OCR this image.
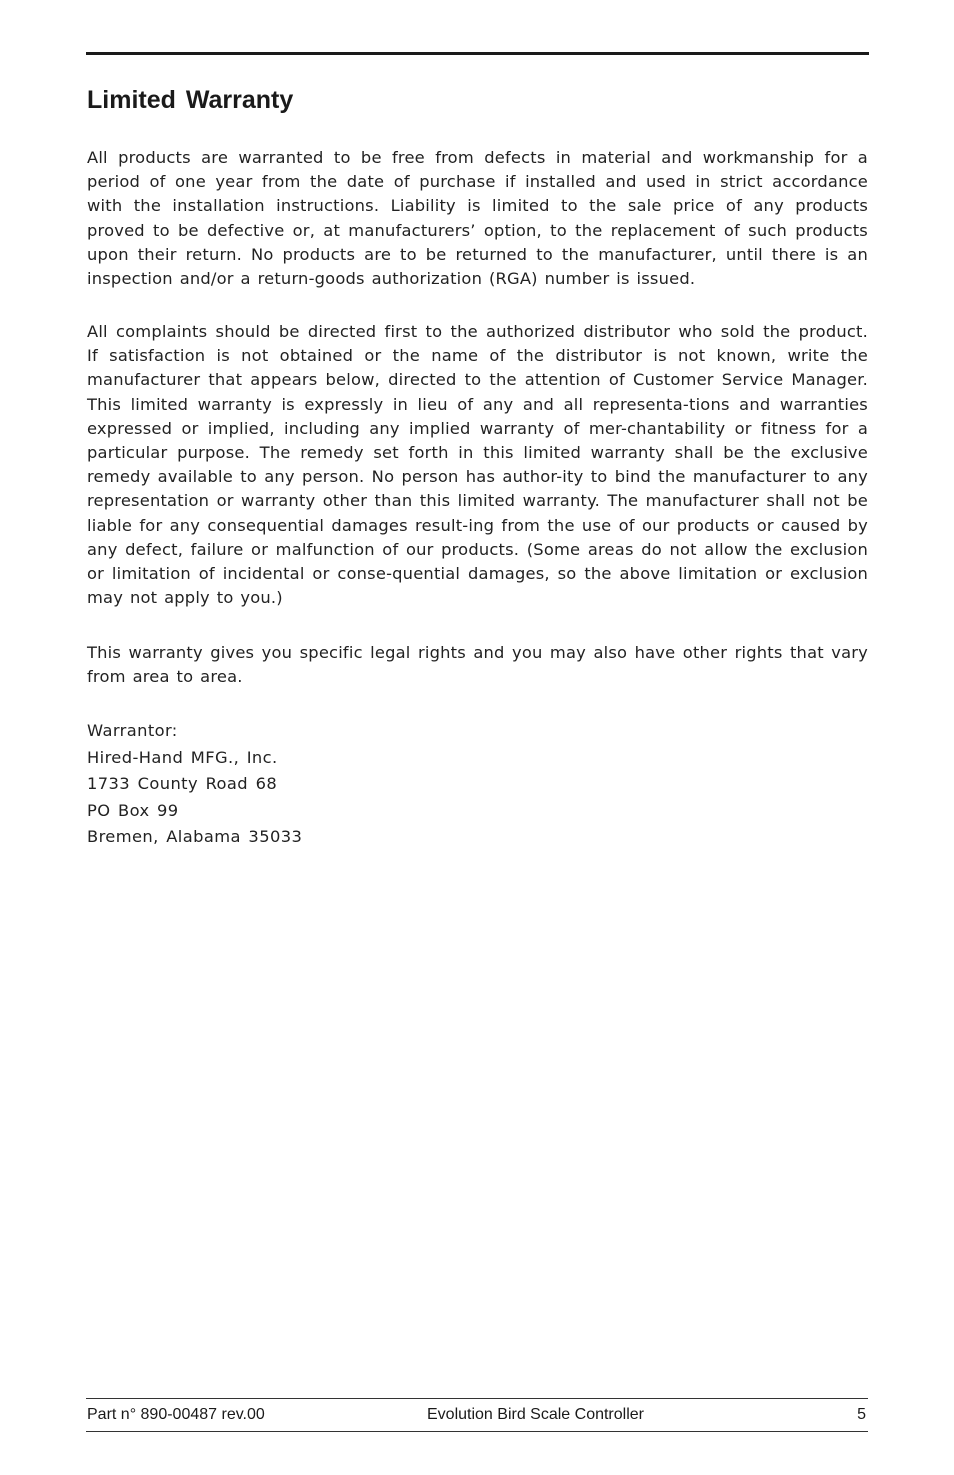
Limited Warranty

All products are warranted to be free from defects in material and workmanship for a period of one year from the date of purchase if installed and used in strict accordance with the installation instructions. Liability is limited to the sale price of any products proved to be defective or, at manufacturers’ option, to the replacement of such products upon their return. No products are to be returned to the manufacturer, until there is an inspection and/or a return-goods authorization (RGA) number is issued.

All complaints should be directed first to the authorized distributor who sold the product. If satisfaction is not obtained or the name of the distributor is not known, write the manufacturer that appears below, directed to the attention of Customer Service Manager. This limited warranty is expressly in lieu of any and all representa-tions and warranties expressed or implied, including any implied warranty of mer-chantability or fitness for a particular purpose. The remedy set forth in this limited warranty shall be the exclusive remedy available to any person. No person has author-ity to bind the manufacturer to any representation or warranty other than this limited warranty. The manufacturer shall not be liable for any consequential damages result-ing from the use of our products or caused by any defect, failure or malfunction of our products. (Some areas do not allow the exclusion or limitation of incidental or conse-quential damages, so the above limitation or exclusion may not apply to you.)

This warranty gives you specific legal rights and you may also have other rights that vary from area to area.

Warrantor:
Hired-Hand MFG., Inc.
1733 County Road 68
PO Box 99
Bremen, Alabama 35033
Part n° 890-00487 rev.00	Evolution Bird Scale Controller	5
